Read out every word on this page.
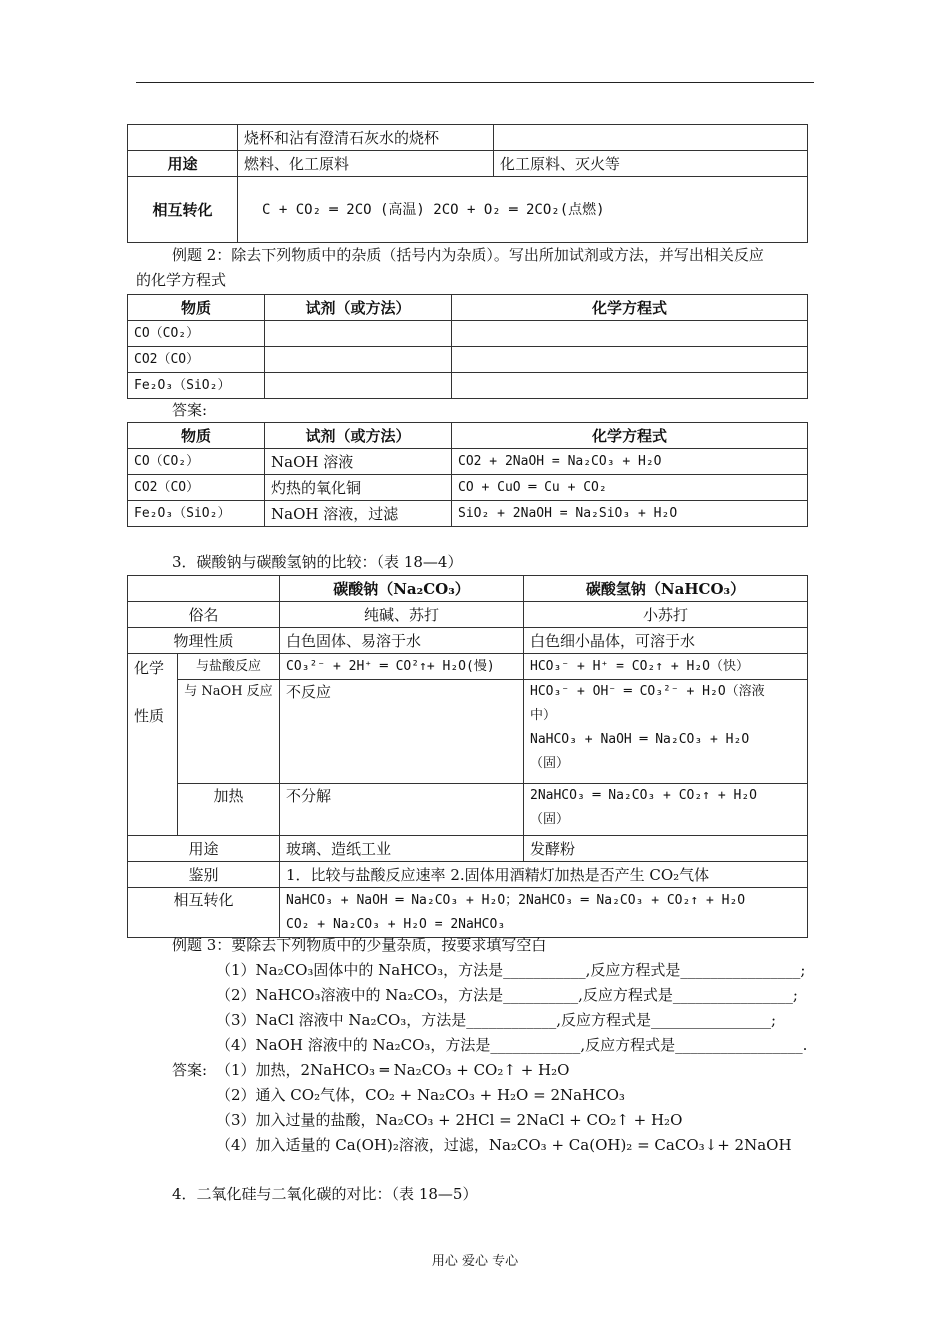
	烧杯和沾有澄清石灰水的烧杯	
用途	燃料、化工原料	化工原料、灭火等
相互转化	C + CO₂ ═ 2CO (高温) 2CO + O₂ ═ 2CO₂(点燃)	
例题 2：除去下列物质中的杂质（括号内为杂质）。写出所加试剂或方法，并写出相关反应
的化学方程式
物质	试剂（或方法）	化学方程式
CO（CO₂）		
CO2（CO）		
Fe₂O₃（SiO₂）		
答案:
物质	试剂（或方法）	化学方程式
CO（CO₂）	NaOH 溶液	CO2 + 2NaOH = Na₂CO₃ + H₂O
CO2（CO）	灼热的氧化铜	CO + CuO ═ Cu + CO₂
Fe₂O₃（SiO₂）	NaOH 溶液，过滤	SiO₂ + 2NaOH = Na₂SiO₃ + H₂O
3．碳酸钠与碳酸氢钠的比较：（表 18—4）
		碳酸钠（Na₂CO₃）	碳酸氢钠（NaHCO₃）
俗名		纯碱、苏打	小苏打
物理性质		白色固体、易溶于水	白色细小晶体，可溶于水

化学
性质	与盐酸反应	CO₃²⁻ + 2H⁺ ═ CO²↑+ H₂O(慢)	HCO₃⁻ + H⁺ = CO₂↑ + H₂O（快）
	与 NaOH 反应	不反应	HCO₃⁻ + OH⁻ ═ CO₃²⁻ + H₂O（溶液
中）
NaHCO₃ + NaOH ═ Na₂CO₃ + H₂O
（固）

	加热	不分解	2NaHCO₃ ═ Na₂CO₃ + CO₂↑ + H₂O
（固）

用途		玻璃、造纸工业	发酵粉
鉴别		1．比较与盐酸反应速率 2.固体用酒精灯加热是否产生 CO₂气体	
相互转化		NaHCO₃ + NaOH ═ Na₂CO₃ + H₂O；2NaHCO₃ ═ Na₂CO₃ + CO₂↑ + H₂O
CO₂ + Na₂CO₃ + H₂O = 2NaHCO₃	
例题 3：要除去下列物质中的少量杂质，按要求填写空白
（1）Na₂CO₃固体中的 NaHCO₃，方法是___________,反应方程式是________________;
（2）NaHCO₃溶液中的 Na₂CO₃，方法是__________,反应方程式是________________;
（3）NaCl 溶液中 Na₂CO₃，方法是____________,反应方程式是________________;
（4）NaOH 溶液中的 Na₂CO₃，方法是____________,反应方程式是_________________.
答案: （1）加热，2NaHCO₃ ═ Na₂CO₃ + CO₂↑ + H₂O
（2）通入 CO₂气体，CO₂ + Na₂CO₃ + H₂O = 2NaHCO₃
（3）加入过量的盐酸，Na₂CO₃ + 2HCl = 2NaCl + CO₂↑ + H₂O
（4）加入适量的 Ca(OH)₂溶液，过滤，Na₂CO₃ + Ca(OH)₂ = CaCO₃↓+ 2NaOH
4．二氧化硅与二氧化碳的对比：（表 18—5）
用心 爱心 专心
